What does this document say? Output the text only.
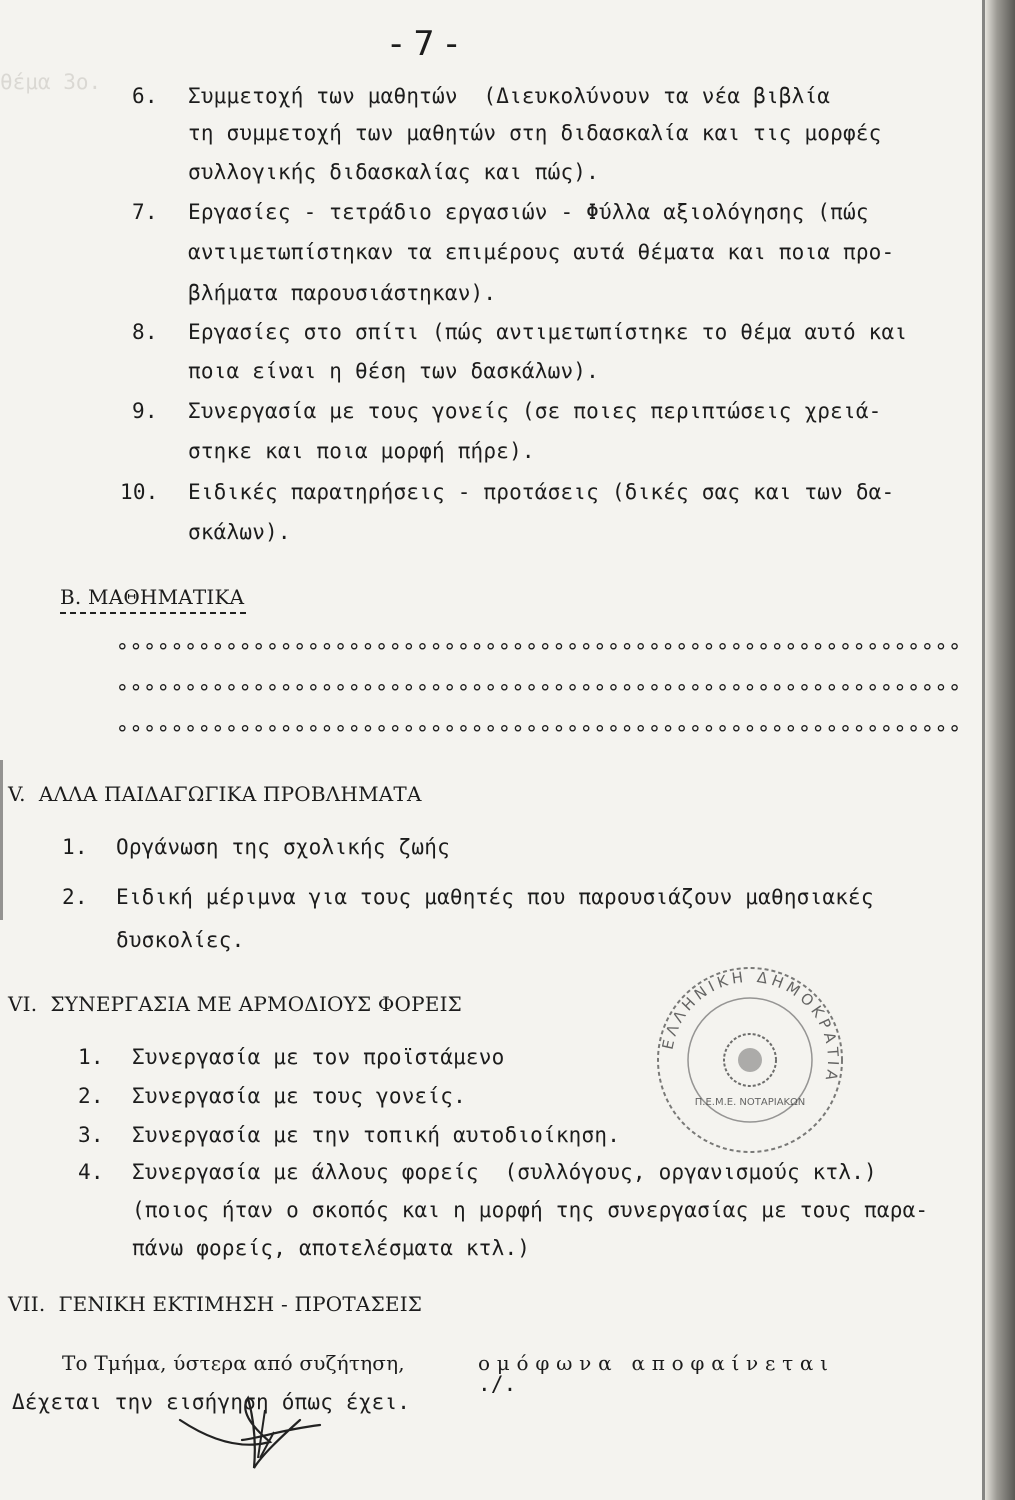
θέμα 3ο.
- 7 -
6. Συμμετοχή των μαθητών  (Διευκολύνουν τα νέα βιβλία
τη συμμετοχή των μαθητών στη διδασκαλία και τις μορφές
συλλογικής διδασκαλίας και πώς).
7. Εργασίες - τετράδιο εργασιών - Φύλλα αξιολόγησης (πώς
αντιμετωπίστηκαν τα επιμέρους αυτά θέματα και ποια προ-
βλήματα παρουσιάστηκαν).
8. Εργασίες στο σπίτι (πώς αντιμετωπίστηκε το θέμα αυτό και
ποια είναι η θέση των δασκάλων).
9. Συνεργασία με τους γονείς (σε ποιες περιπτώσεις χρειά-
στηκε και ποια μορφή πήρε).
10. Ειδικές παρατηρήσεις - προτάσεις (δικές σας και των δα-
σκάλων).
Β. ΜΑΘΗΜΑΤΙΚΑ
°°°°°°°°°°°°°°°°°°°°°°°°°°°°°°°°°°°°°°°°°°°°°°°°°°°°°°°°°°°°°°
°°°°°°°°°°°°°°°°°°°°°°°°°°°°°°°°°°°°°°°°°°°°°°°°°°°°°°°°°°°°°°
°°°°°°°°°°°°°°°°°°°°°°°°°°°°°°°°°°°°°°°°°°°°°°°°°°°°°°°°°°°°°°
V.  ΑΛΛΑ ΠΑΙΔΑΓΩΓΙΚΑ ΠΡΟΒΛΗΜΑΤΑ
1. Οργάνωση της σχολικής ζωής
2. Ειδική μέριμνα για τους μαθητές που παρουσιάζουν μαθησιακές
δυσκολίες.
VI.  ΣΥΝΕΡΓΑΣΙΑ ΜΕ ΑΡΜΟΔΙΟΥΣ ΦΟΡΕΙΣ
1. Συνεργασία με τον προϊστάμενο
2. Συνεργασία με τους γονείς.
3. Συνεργασία με την τοπική αυτοδιοίκηση.
4. Συνεργασία με άλλους φορείς  (συλλόγους, οργανισμούς κτλ.)
(ποιος ήταν ο σκοπός και η μορφή της συνεργασίας με τους παρα-
πάνω φορείς, αποτελέσματα κτλ.)
VII.  ΓΕΝΙΚΗ ΕΚΤΙΜΗΣΗ - ΠΡΟΤΑΣΕΙΣ
Το Τμήμα, ύστερα από συζήτηση,	ο μ ό φ ω ν α   α π ο φ α ί ν ε τ α ι
./.
Δέχεται την εισήγηση όπως έχει.
ΕΛΛΗΝΙΚΗ ΔΗΜΟΚΡΑΤΙΑ
Π.Ε.Μ.Ε. ΝΟΤΑΡΙΑΚΩΝ
